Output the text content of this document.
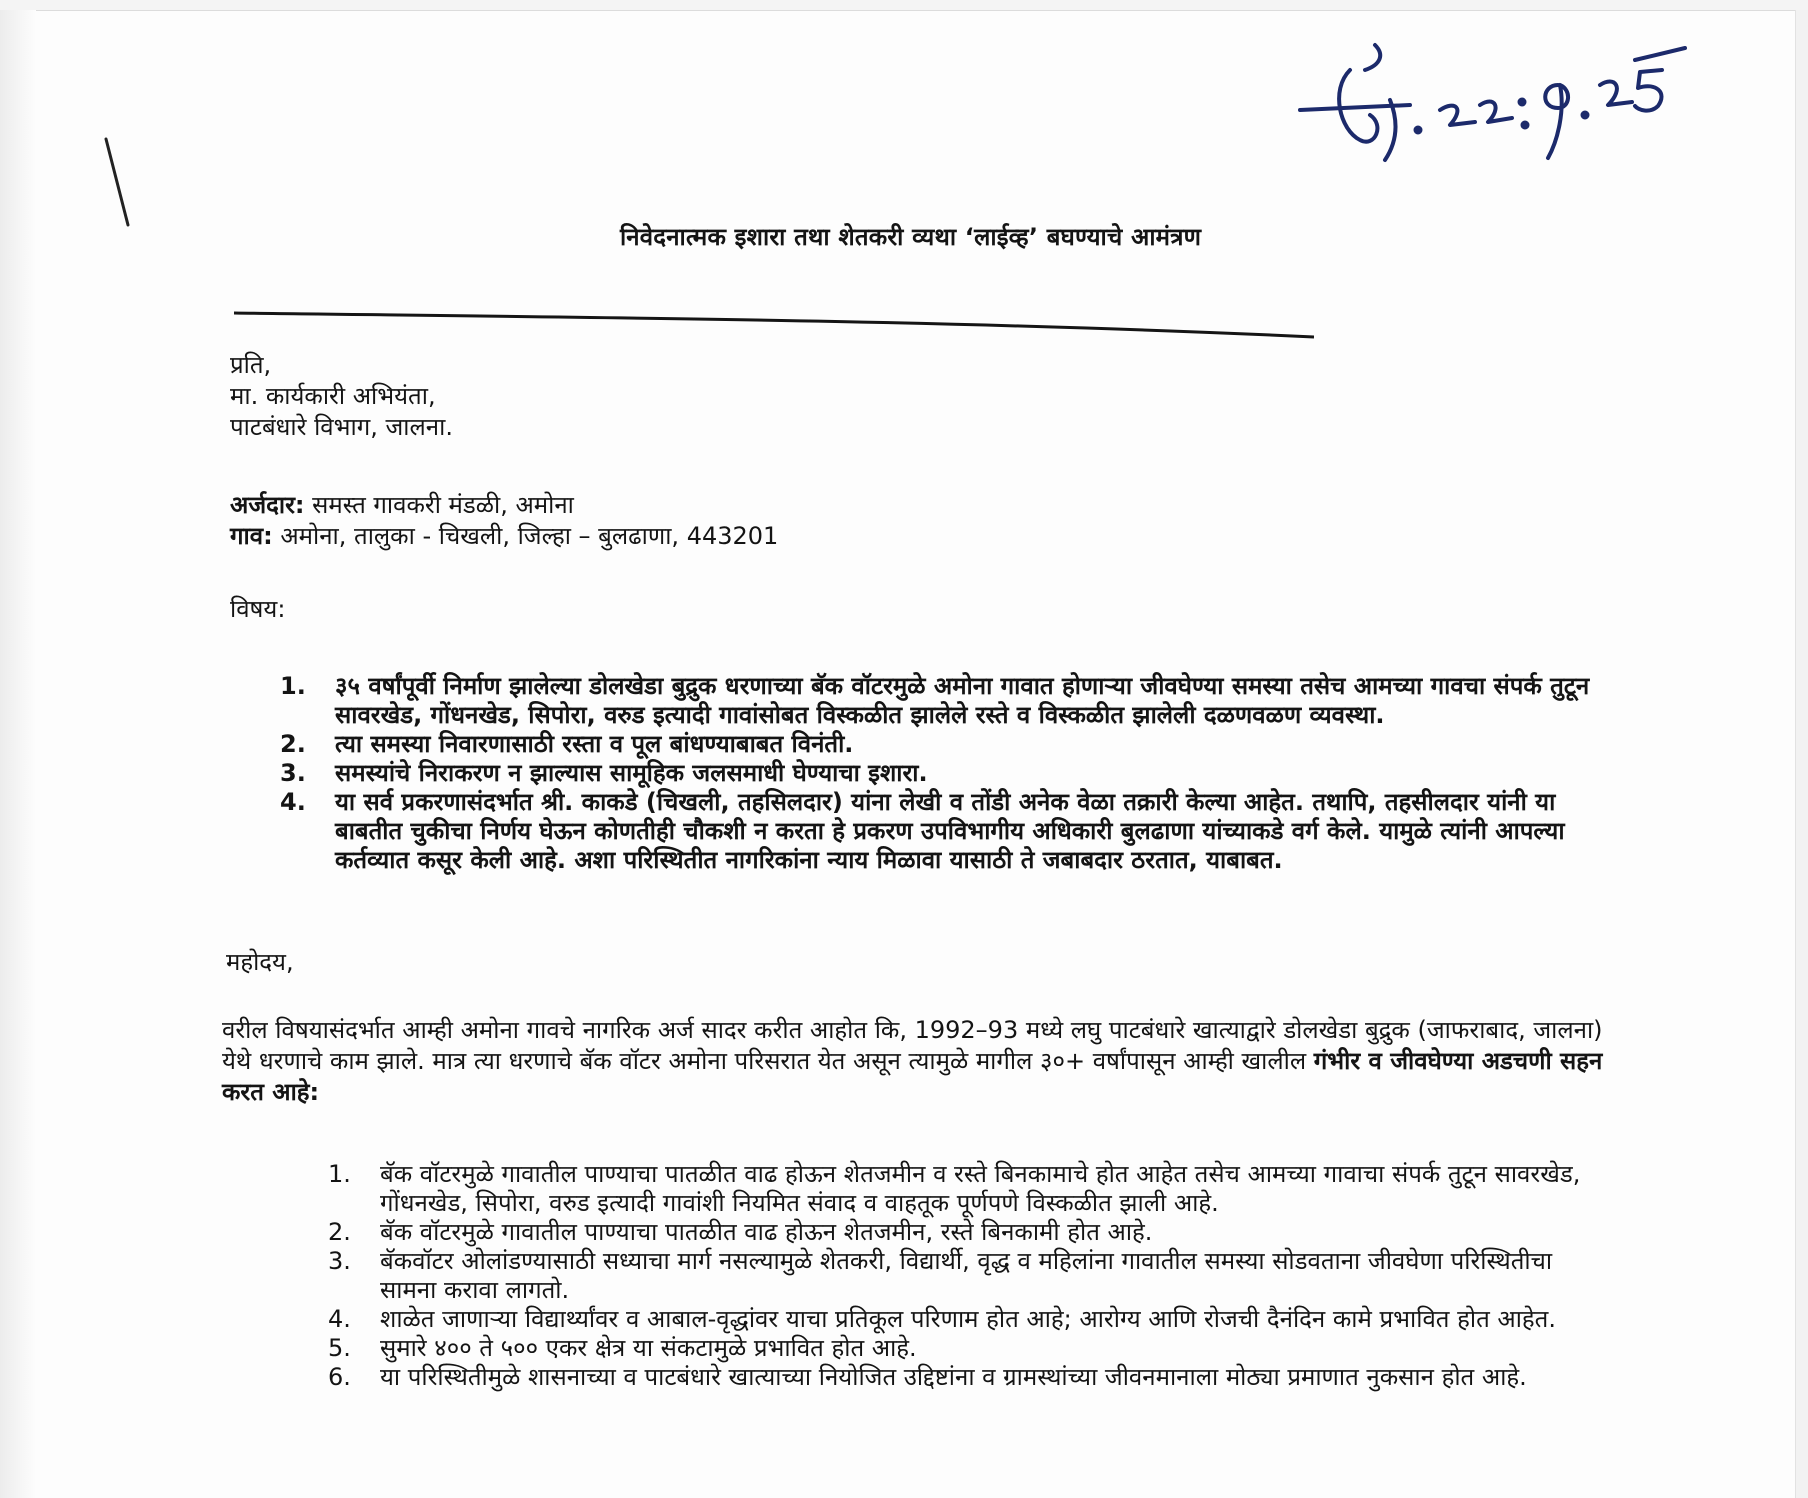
निवेदनात्मक इशारा तथा शेतकरी व्यथा ‘लाईव्ह’ बघण्याचे आमंत्रण
प्रति,
मा. कार्यकारी अभियंता,
पाटबंधारे विभाग, जालना.
अर्जदार: समस्त गावकरी मंडळी, अमोना
गाव: अमोना, तालुका - चिखली, जिल्हा – बुलढाणा, 443201
विषय:
1. ३५ वर्षांपूर्वी निर्माण झालेल्या डोलखेडा बुद्रुक धरणाच्या बॅक वॉटरमुळे अमोना गावात होणाऱ्या जीवघेण्या समस्या तसेच आमच्या गावचा संपर्क तुटून सावरखेड, गोंधनखेड, सिपोरा, वरुड इत्यादी गावांसोबत विस्कळीत झालेले रस्ते व विस्कळीत झालेली दळणवळण व्यवस्था.
2. त्या समस्या निवारणासाठी रस्ता व पूल बांधण्याबाबत विनंती.
3. समस्यांचे निराकरण न झाल्यास सामूहिक जलसमाधी घेण्याचा इशारा.
4. या सर्व प्रकरणासंदर्भात श्री. काकडे (चिखली, तहसिलदार) यांना लेखी व तोंडी अनेक वेळा तक्रारी केल्या आहेत. तथापि, तहसीलदार यांनी या बाबतीत चुकीचा निर्णय घेऊन कोणतीही चौकशी न करता हे प्रकरण उपविभागीय अधिकारी बुलढाणा यांच्याकडे वर्ग केले. यामुळे त्यांनी आपल्या कर्तव्यात कसूर केली आहे. अशा परिस्थितीत नागरिकांना न्याय मिळावा यासाठी ते जबाबदार ठरतात, याबाबत.
महोदय,
वरील विषयासंदर्भात आम्ही अमोना गावचे नागरिक अर्ज सादर करीत आहोत कि, 1992–93 मध्ये लघु पाटबंधारे खात्याद्वारे डोलखेडा बुद्रुक (जाफराबाद, जालना) येथे धरणाचे काम झाले. मात्र त्या धरणाचे बॅक वॉटर अमोना परिसरात येत असून त्यामुळे मागील ३०+ वर्षांपासून आम्ही खालील गंभीर व जीवघेण्या अडचणी सहन करत आहे:
1. बॅक वॉटरमुळे गावातील पाण्याचा पातळीत वाढ होऊन शेतजमीन व रस्ते बिनकामाचे होत आहेत तसेच आमच्या गावाचा संपर्क तुटून सावरखेड, गोंधनखेड, सिपोरा, वरुड इत्यादी गावांशी नियमित संवाद व वाहतूक पूर्णपणे विस्कळीत झाली आहे.
2. बॅक वॉटरमुळे गावातील पाण्याचा पातळीत वाढ होऊन शेतजमीन, रस्ते बिनकामी होत आहे.
3. बॅकवॉटर ओलांडण्यासाठी सध्याचा मार्ग नसल्यामुळे शेतकरी, विद्यार्थी, वृद्ध व महिलांना गावातील समस्या सोडवताना जीवघेणा परिस्थितीचा सामना करावा लागतो.
4. शाळेत जाणाऱ्या विद्यार्थ्यांवर व आबाल-वृद्धांवर याचा प्रतिकूल परिणाम होत आहे; आरोग्य आणि रोजची दैनंदिन कामे प्रभावित होत आहेत.
5. सुमारे ४०० ते ५०० एकर क्षेत्र या संकटामुळे प्रभावित होत आहे.
6. या परिस्थितीमुळे शासनाच्या व पाटबंधारे खात्याच्या नियोजित उद्दिष्टांना व ग्रामस्थांच्या जीवनमानाला मोठ्या प्रमाणात नुकसान होत आहे.
